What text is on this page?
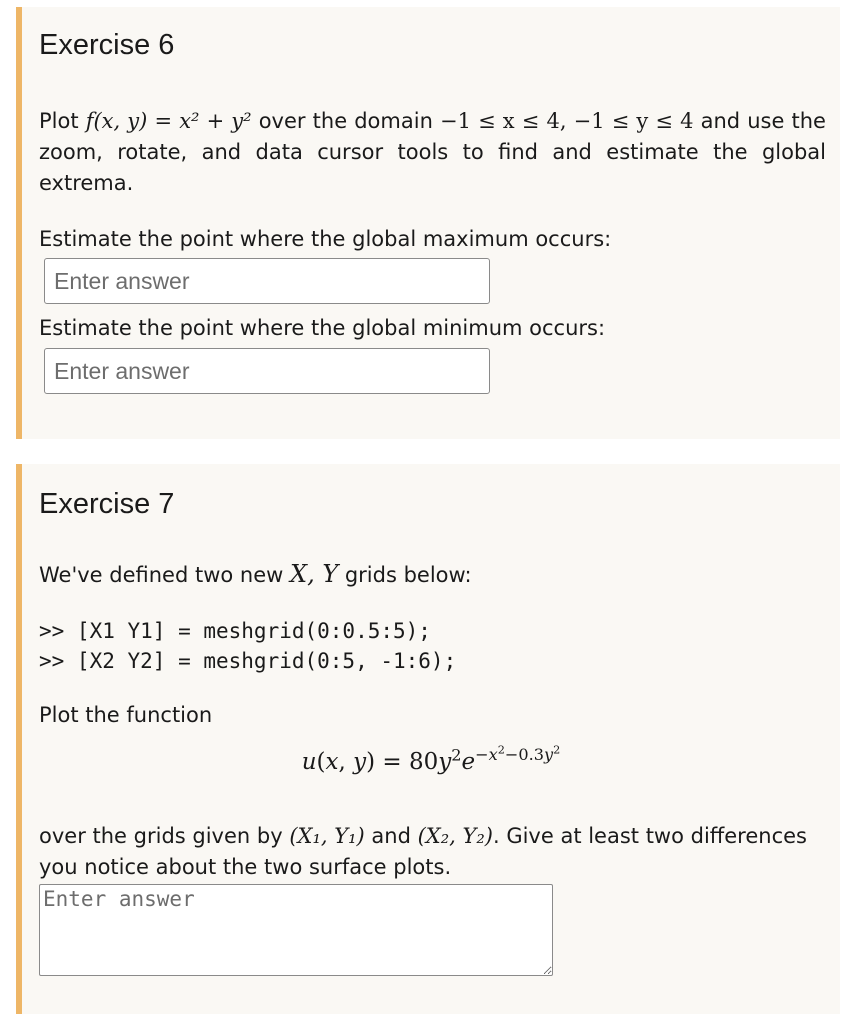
Exercise 6

Plot f(x, y) = x² + y² over the domain −1 ≤ x ≤ 4, −1 ≤ y ≤ 4 and use the zoom, rotate, and data cursor tools to find and estimate the global extrema.

Estimate the point where the global maximum occurs:

Enter answer

Estimate the point where the global minimum occurs:

Enter answer
Exercise 7

We've defined two new X, Y grids below:

>> [X1 Y1] = meshgrid(0:0.5:5);
>> [X2 Y2] = meshgrid(0:5, -1:6);

Plot the function

u(x, $y) = 80y^2e^{-x^2-0.3y^2}$

over the grids given by (X₁, Y₁) and (X₂, Y₂). Give at least two differences you notice about the two surface plots.

Enter answer
